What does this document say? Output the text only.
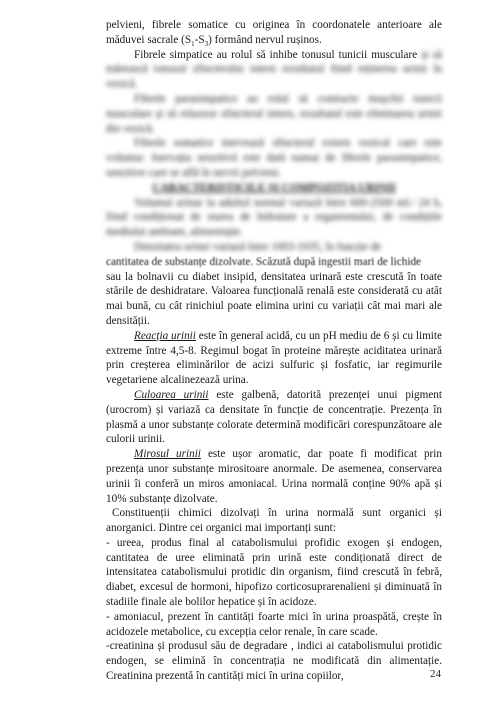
pelvieni, fibrele somatice cu originea în coordonatele anterioare ale măduvei sacrale $(S_1-S_3)$ formând nervul rușinos.

Fibrele simpatice au rolul să inhibe tonusul tunicii musculare și să mărească tonusul sfincterului intern rezultatul fiind reținerea urinii în vezică.

Fibrele parasimpatice au rolul să contracte mușchii tunicii musculare și să relaxeze sfincterul intern, rezultatul este eliminarea urinii din vezică.

Fibrele somatice inervează sfincterul extern vezical care este voluntar. Inervația senzitivă este dată numai de fibrele parasimpatice, senzitive care se află în nervii pelvieni.

CARACTERISTICILE ȘI COMPOZIȚIA URINII

Volumul urinar la adultul normal variază între 600-2500 ml./ 24 h, fiind condiționat de starea de hidratare a organismului, de condițiile mediului ambiant, alimentație.

Densitatea urinei variază între 1003-1035, în funcție de

cantitatea de substanțe dizolvate. Scăzută după ingestii mari de lichide

sau la bolnavii cu diabet insipid, densitatea urinară este crescută în toate stările de deshidratare. Valoarea funcțională renală este considerată cu atât mai bună, cu cât rinichiul poate elimina urini cu variații cât mai mari ale densității.

Reacția urinii este în general acidă, cu un pH mediu de 6 și cu limite extreme între 4,5-8. Regimul bogat în proteine mărește aciditatea urinară prin creșterea eliminărilor de acizi sulfuric și fosfatic, iar regimurile vegetariene alcalinezează urina.

Culoarea urinii este galbenă, datorită prezenței unui pigment (urocrom) și variază ca densitate în funcție de concentrație. Prezența în plasmă a unor substanțe colorate determină modificări corespunzătoare ale culorii urinii.

Mirosul urinii este ușor aromatic, dar poate fi modificat prin prezența unor substanțe mirositoare anormale. De asemenea, conservarea urinii îi conferă un miros amoniacal. Urina normală conține 90% apă și 10% substanțe dizolvate.

Constituenții chimici dizolvați în urina normală sunt organici și anorganici. Dintre cei organici mai importanți sunt:

- ureea, produs final al catabolismului profidic exogen și endogen, cantitatea de uree eliminată prin urină este condiționată direct de intensitatea catabolismului protidic din organism, fiind crescută în febră, diabet, excesul de hormoni, hipofizo corticosuprarenalieni și diminuată în stadiile finale ale bolilor hepatice și în acidoze.

- amoniacul, prezent în cantități foarte mici în urina proaspătă, crește în acidozele metabolice, cu excepția celor renale, în care scade.

-creatinina și produsul său de degradare , indici ai catabolismului protidic endogen, se elimină în concentrația ne modificată din alimentație. Creatinina prezentă în cantități mici în urina copiilor,	24
